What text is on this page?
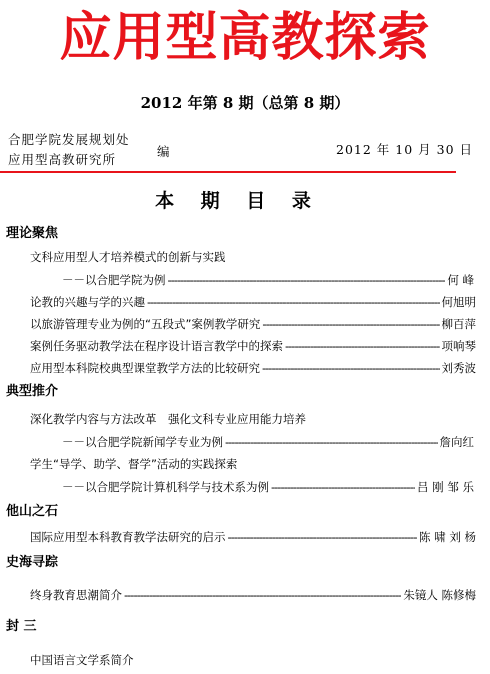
应用型高教探索
2012 年第 8 期（总第 8 期）
合肥学院发展规划处
应用型高教研究所
编	2012 年 10 月 30 日
本 期 目 录
理论聚焦
文科应用型人才培养模式的创新与实践
－－以合肥学院为例 -----	何 峰
论教的兴趣与学的兴趣 -----	何旭明
以旅游管理专业为例的“五段式”案例教学研究 -----	柳百萍
案例任务驱动教学法在程序设计语言教学中的探索 -----	项响琴
应用型本科院校典型课堂教学方法的比较研究 -----	刘秀波
典型推介
深化教学内容与方法改革　强化文科专业应用能力培养
－－以合肥学院新闻学专业为例 -----	詹向红
学生“导学、助学、督学”活动的实践探索
－－以合肥学院计算机科学与技术系为例 -----	吕 刚 邹 乐
他山之石
国际应用型本科教育教学法研究的启示 -----	陈 啸 刘 杨
史海寻踪
终身教育思潮简介 -----	朱镜人 陈修梅
封 三
中国语言文学系简介
